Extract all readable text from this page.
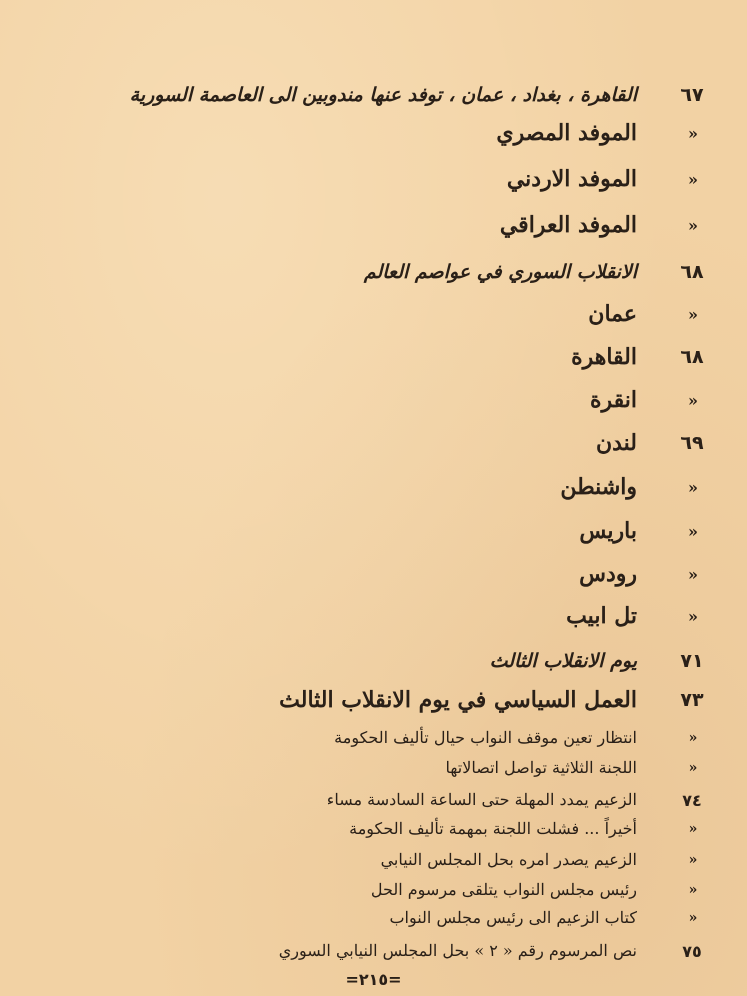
٦٧
القاهرة ، بغداد ، عمان ، توفد عنها مندوبين الى العاصمة السورية
«
الموفد المصري
«
الموفد الاردني
«
الموفد العراقي
٦٨
الانقلاب السوري في عواصم العالم
«
عمان
٦٨
القاهرة
«
انقرة
٦٩
لندن
«
واشنطن
«
باريس
«
رودس
«
تل ابيب
٧١
يوم الانقلاب الثالث
٧٣
العمل السياسي في يوم الانقلاب الثالث
«
انتظار تعين موقف النواب حيال تأليف الحكومة
«
اللجنة الثلاثية تواصل اتصالاتها
٧٤
الزعيم يمدد المهلة حتى الساعة السادسة مساء
«
أخيراً ... فشلت اللجنة بمهمة تأليف الحكومة
«
الزعيم يصدر امره بحل المجلس النيابي
«
رئيس مجلس النواب يتلقى مرسوم الحل
«
كتاب الزعيم الى رئيس مجلس النواب
٧٥
نص المرسوم رقم « ٢ » بحل المجلس النيابي السوري
=٢١٥=
